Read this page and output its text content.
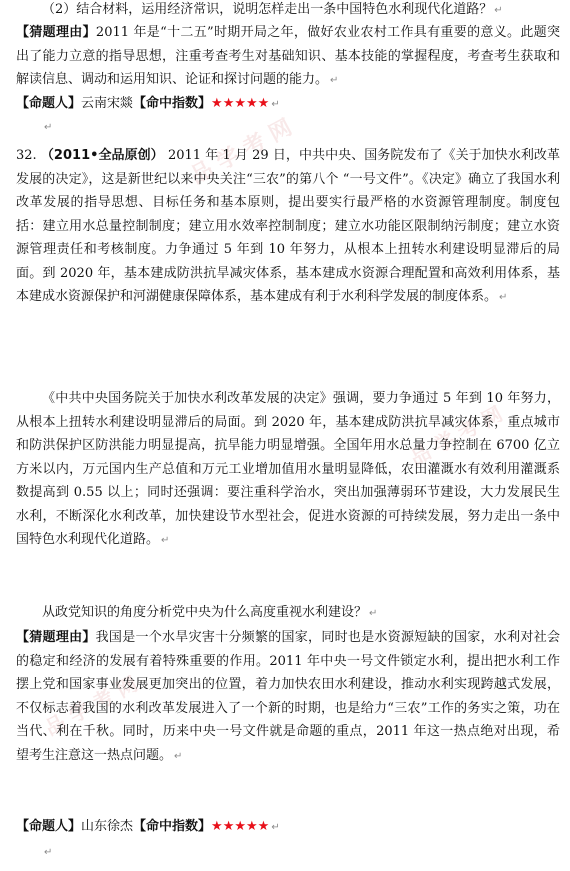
品 学 考 网
品 学 考 网
品 学 考 网
（2）结合材料，运用经济常识，说明怎样走出一条中国特色水利现代化道路？ ↵
【猜题理由】2011 年是“十二五”时期开局之年，做好农业农村工作具有重要的意义。此题突出了能力立意的指导思想，注重考查考生对基础知识、基本技能的掌握程度，考查考生获取和解读信息、调动和运用知识、论证和探讨问题的能力。 ↵
【命题人】云南宋燚【命中指数】★★★★★ ↵
↵
32. （2011•全品原创） 2011 年 1 月 29 日，中共中央、国务院发布了《关于加快水利改革发展的决定》，这是新世纪以来中央关注“三农”的第八个 “一号文件”。《决定》确立了我国水利改革发展的指导思想、目标任务和基本原则，提出要实行最严格的水资源管理制度。制度包括：建立用水总量控制制度；建立用水效率控制制度；建立水功能区限制纳污制度；建立水资源管理责任和考核制度。力争通过 5 年到 10 年努力，从根本上扭转水利建设明显滞后的局面。到 2020 年，基本建成防洪抗旱减灾体系，基本建成水资源合理配置和高效利用体系，基本建成水资源保护和河湖健康保障体系，基本建成有利于水利科学发展的制度体系。 ↵
《中共中央国务院关于加快水利改革发展的决定》强调，要力争通过 5 年到 10 年努力，从根本上扭转水利建设明显滞后的局面。到 2020 年，基本建成防洪抗旱减灾体系，重点城市和防洪保护区防洪能力明显提高，抗旱能力明显增强。全国年用水总量力争控制在 6700 亿立方米以内，万元国内生产总值和万元工业增加值用水量明显降低，农田灌溉水有效利用灌溉系数提高到 0.55 以上；同时还强调：要注重科学治水，突出加强薄弱环节建设，大力发展民生水利，不断深化水利改革，加快建设节水型社会，促进水资源的可持续发展，努力走出一条中国特色水利现代化道路。 ↵
从政党知识的角度分析党中央为什么高度重视水利建设？ ↵
【猜题理由】我国是一个水旱灾害十分频繁的国家，同时也是水资源短缺的国家，水利对社会的稳定和经济的发展有着特殊重要的作用。2011 年中央一号文件锁定水利，提出把水利工作摆上党和国家事业发展更加突出的位置，着力加快农田水利建设，推动水利实现跨越式发展，不仅标志着我国的水利改革发展进入了一个新的时期，也是给力“三农”工作的务实之策，功在当代、利在千秋。同时，历来中央一号文件就是命题的重点，2011 年这一热点绝对出现，希望考生注意这一热点问题。 ↵
【命题人】山东徐杰【命中指数】★★★★★ ↵
↵
